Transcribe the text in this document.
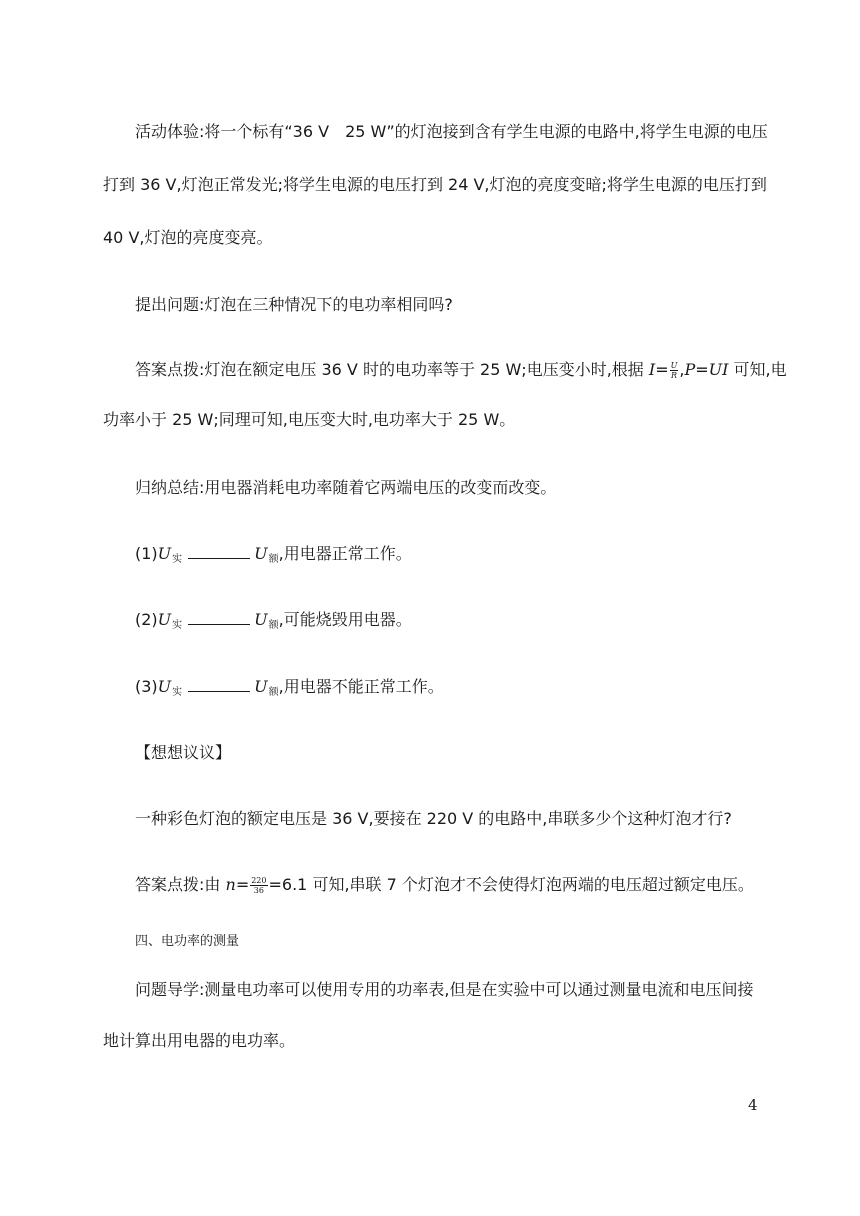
活动体验:将一个标有“36 V　25 W”的灯泡接到含有学生电源的电路中,将学生电源的电压
打到 36 V,灯泡正常发光;将学生电源的电压打到 24 V,灯泡的亮度变暗;将学生电源的电压打到
40 V,灯泡的亮度变亮。
提出问题:灯泡在三种情况下的电功率相同吗?
答案点拨:灯泡在额定电压 36 V 时的电功率等于 25 W;电压变小时,根据 $I= \frac{U}{R} ,P=UI$ 可知,电
功率小于 25 W;同理可知,电压变大时,电功率大于 25 W。
归纳总结:用电器消耗电功率随着它两端电压的改变而改变。
(1)U实	U额,用电器正常工作。
(2)U实	U额,可能烧毁用电器。
(3)U实	U额,用电器不能正常工作。
【想想议议】
一种彩色灯泡的额定电压是 36 V,要接在 220 V 的电路中,串联多少个这种灯泡才行?
答案点拨:由 $n= \frac{220}{36} =6.1$ 可知,串联 7 个灯泡才不会使得灯泡两端的电压超过额定电压。
四、电功率的测量
问题导学:测量电功率可以使用专用的功率表,但是在实验中可以通过测量电流和电压间接
地计算出用电器的电功率。
4
